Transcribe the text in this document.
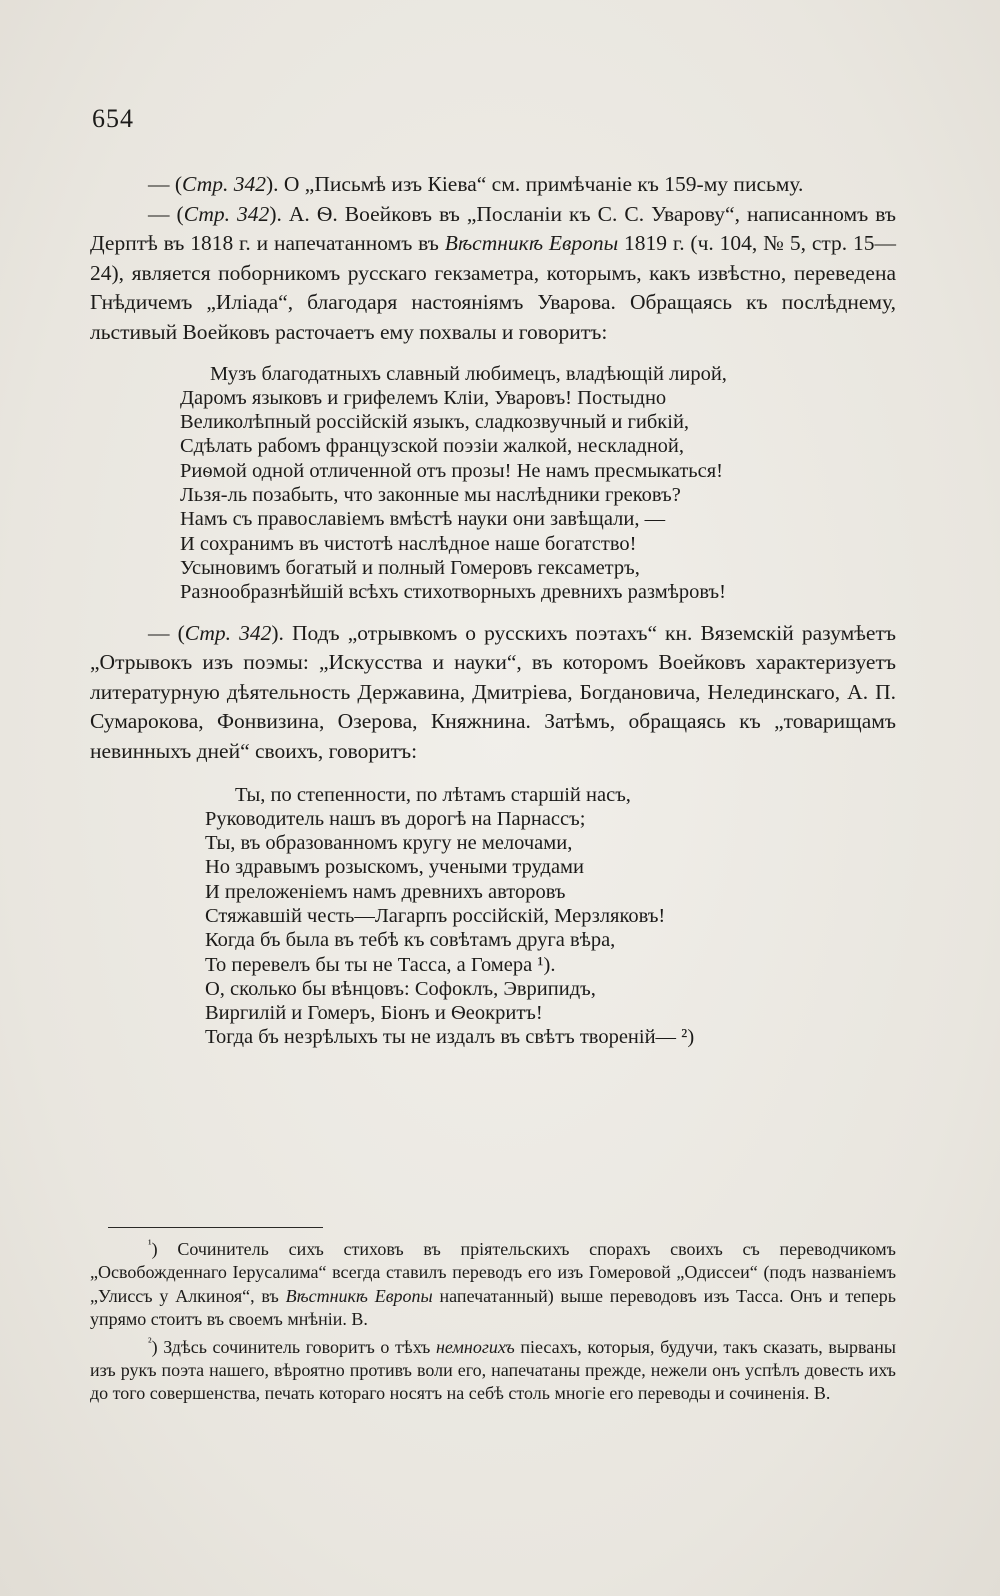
654

— (Стр. 342). О „Письмѣ изъ Кіева“ см. примѣчаніе къ 159-му письму.

— (Стр. 342). А. Ѳ. Воейковъ въ „Посланіи къ С. С. Уварову“, написанномъ въ Дерптѣ въ 1818 г. и напечатанномъ въ Вѣстникѣ Европы 1819 г. (ч. 104, № 5, стр. 15—24), является поборникомъ русскаго гекзаметра, которымъ, какъ извѣстно, переведена Гнѣдичемъ „Иліада“, благодаря настояніямъ Уварова. Обращаясь къ послѣднему, льстивый Воейковъ расточаетъ ему похвалы и говоритъ:

Музъ благодатныхъ славный любимецъ, владѣющій лирой,
Даромъ языковъ и грифелемъ Кліи, Уваровъ! Постыдно
Великолѣпный россійскій языкъ, сладкозвучный и гибкій,
Сдѣлать рабомъ французской поэзіи жалкой, нескладной,
Риѳмой одной отличенной отъ прозы! Не намъ пресмыкаться!
Льзя-ль позабыть, что законные мы наслѣдники грековъ?
Намъ съ православіемъ вмѣстѣ науки они завѣщали, —
И сохранимъ въ чистотѣ наслѣдное наше богатство!
Усыновимъ богатый и полный Гомеровъ гексаметръ,
Разнообразнѣйшій всѣхъ стихотворныхъ древнихъ размѣровъ!

— (Стр. 342). Подъ „отрывкомъ о русскихъ поэтахъ“ кн. Вяземскій разумѣетъ „Отрывокъ изъ поэмы: „Искусства и науки“, въ которомъ Воейковъ характеризуетъ литературную дѣятельность Державина, Дмитріева, Богдановича, Нелединскаго, А. П. Сумарокова, Фонвизина, Озерова, Княжнина. Затѣмъ, обращаясь къ „товарищамъ невинныхъ дней“ своихъ, говоритъ:

Ты, по степенности, по лѣтамъ старшій насъ,
Руководитель нашъ въ дорогѣ на Парнассъ;
Ты, въ образованномъ кругу не мелочами,
Но здравымъ розыскомъ, учеными трудами
И преложеніемъ намъ древнихъ авторовъ
Стяжавшій честь—Лагарпъ россійскій, Мерзляковъ!
Когда бъ была въ тебѣ къ совѣтамъ друга вѣра,
То перевелъ бы ты не Тасса, а Гомера ¹).
О, сколько бы вѣнцовъ: Софоклъ, Эврипидъ,
Виргилій и Гомеръ, Біонъ и Ѳеокритъ!
Тогда бъ незрѣлыхъ ты не издалъ въ свѣтъ твореній— ²)

$^{^1}$) Сочинитель сихъ стиховъ въ пріятельскихъ спорахъ своихъ съ переводчикомъ „Освобожденнаго Іерусалима“ всегда ставилъ переводъ его изъ Гомеровой „Одиссеи“ (подъ названіемъ „Улиссъ у Алкиноя“, въ Вѣстникѣ Европы напечатанный) выше переводовъ изъ Тасса. Онъ и теперь упрямо стоитъ въ своемъ мнѣніи. В.

$^{^2}$) Здѣсь сочинитель говоритъ о тѣхъ немногихъ піесахъ, которыя, будучи, такъ сказать, вырваны изъ рукъ поэта нашего, вѣроятно противъ воли его, напечатаны прежде, нежели онъ успѣлъ довесть ихъ до того совершенства, печать котораго носятъ на себѣ столь многіе его переводы и сочиненія. В.
